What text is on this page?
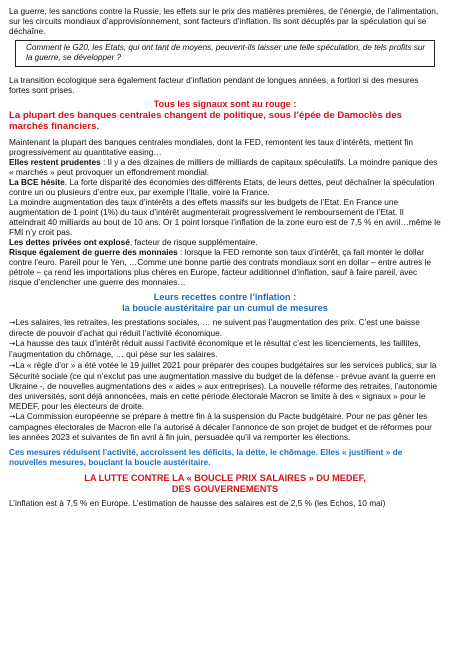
La guerre, les sanctions contre la Russie, les effets sur le prix des matières premières, de l’énergie, de l’alimentation, sur les circuits mondiaux d’approvisionnement, sont facteurs d’inflation. Ils sont décuplés par la spéculation qui se déchaîne.

Comment le G20, les Etats, qui ont tant de moyens, peuvent-ils laisser une telle spéculation, de tels profits sur la guerre, se développer ?

La transition écologique sera également facteur d’inflation pendant de longues années, a fortiori si des mesures fortes sont prises.

Tous les signaux sont au rouge :

La plupart des banques centrales changent de politique, sous l’épée de Damoclès des marchés financiers.

Maintenant la plupart des banques centrales mondiales, dont la FED, remontent les taux d’intérêts, mettent fin progressivement au quantitative easing…

Elles restent prudentes : Il y a des dizaines de milliers de milliards de capitaux spéculatifs. La moindre panique des « marchés » peut provoquer un effondrement mondial.

La BCE hésite. La forte disparité des économies des différents Etats, de leurs dettes, peut déchaîner la spéculation contre un ou plusieurs d’entre eux, par exemple l’Italie, voire la France.

La moindre augmentation des taux d’intérêts a des effets massifs sur les budgets de l’Etat. En France une augmentation de 1 point (1%) du taux d’intérêt augmenterait progressivement le remboursement de l’Etat. Il atteindrait 40 milliards au bout de 10 ans. Or 1 point lorsque l’inflation de la zone euro est de 7,5 % en avril…même le FMI n’y croit pas.

Les dettes privées ont explosé, facteur de risque supplémentaire.

Risque également de guerre des monnaies : lorsque la FED remonte son taux d’intérêt, ça fait monter le dollar contre l’euro. Pareil pour le Yen, …Comme une bonne partie des contrats mondiaux sont en dollar – entre autres le pétrole – ça rend les importations plus chères en Europe, facteur additionnel d’inflation, sauf à faire pareil, avec risque d’enclencher une guerre des monnaies…

Leurs recettes contre l’inflation :
la boucle austéritaire par un cumul de mesures

→Les salaires, les retraites, les prestations sociales, … ne suivent pas l’augmentation des prix. C’est une baisse directe de pouvoir d’achat qui réduit l’activité économique.

→La hausse des taux d’intérêt réduit aussi l’activité économique et le résultat c’est les licenciements, les faillites, l’augmentation du chômage, … qui pèse sur les salaires.

→La « règle d’or » a été votée le 19 juillet 2021 pour préparer des coupes budgétaires sur les services publics, sur la Sécurité sociale (ce qui n’exclut pas une augmentation massive du budget de la défense - prévue avant la guerre en Ukraine -, de nouvelles augmentations des « aides » aux entreprises). La nouvelle réforme des retraites, l’autonomie des universités, sont déjà annoncées, mais en cette période électorale Macron se limite à des « signaux » pour le MEDEF, pour les électeurs de droite.

→La Commission européenne se prépare à mettre fin à la suspension du Pacte budgétaire. Pour ne pas gêner les campagnes électorales de Macron elle l’a autorisé à décaler l’annonce de son projet de budget et de réformes pour les années 2023 et suivantes de fin avril à fin juin, persuadée qu’il va remporter les élections.

Ces mesures réduisent l’activité, accroissent les déficits, la dette, le chômage. Elles « justifient » de nouvelles mesures, bouclant la boucle austéritaire.

LA LUTTE CONTRE LA « BOUCLE PRIX SALAIRES » DU MEDEF,
DES GOUVERNEMENTS

L’inflation est à 7,5 % en Europe. L’estimation de hausse des salaires est de 2,5 % (les Echos, 10 mai)
